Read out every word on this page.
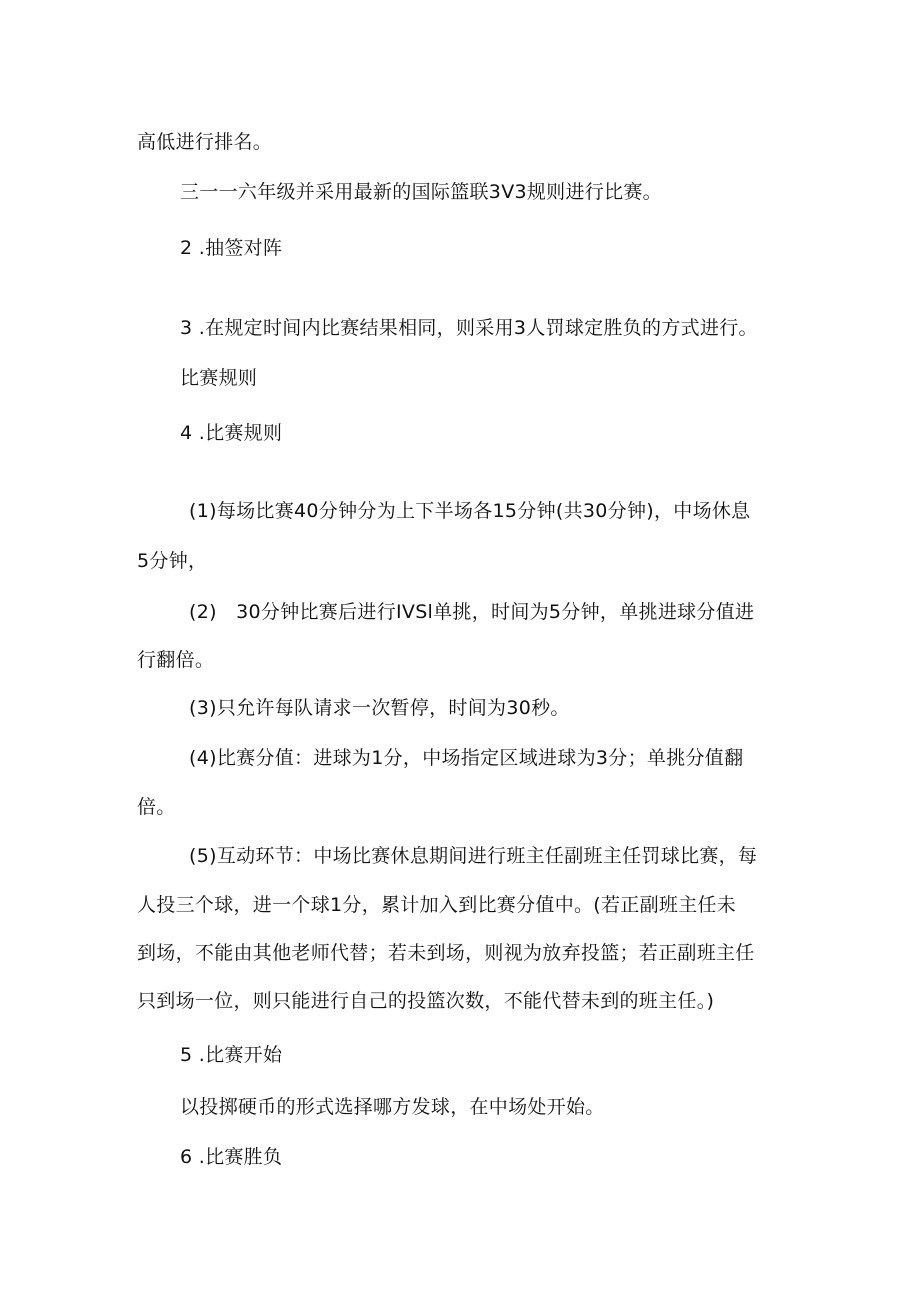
高低进行排名。
三一一六年级并采用最新的国际篮联3V3规则进行比赛。
2 .抽签对阵
3 .在规定时间内比赛结果相同，则采用3人罚球定胜负的方式进行。
比赛规则
4 .比赛规则
(1)每场比赛40分钟分为上下半场各15分钟(共30分钟)，中场休息
5分钟，
(2)　30分钟比赛后进行IVSl单挑，时间为5分钟，单挑进球分值进
行翻倍。
(3)只允许每队请求一次暂停，时间为30秒。
(4)比赛分值：进球为1分，中场指定区域进球为3分；单挑分值翻
倍。
(5)互动环节：中场比赛休息期间进行班主任副班主任罚球比赛，每
人投三个球，进一个球1分，累计加入到比赛分值中。(若正副班主任未
到场，不能由其他老师代替；若未到场，则视为放弃投篮；若正副班主任
只到场一位，则只能进行自己的投篮次数，不能代替未到的班主任。)
5 .比赛开始
以投掷硬币的形式选择哪方发球，在中场处开始。
6 .比赛胜负
